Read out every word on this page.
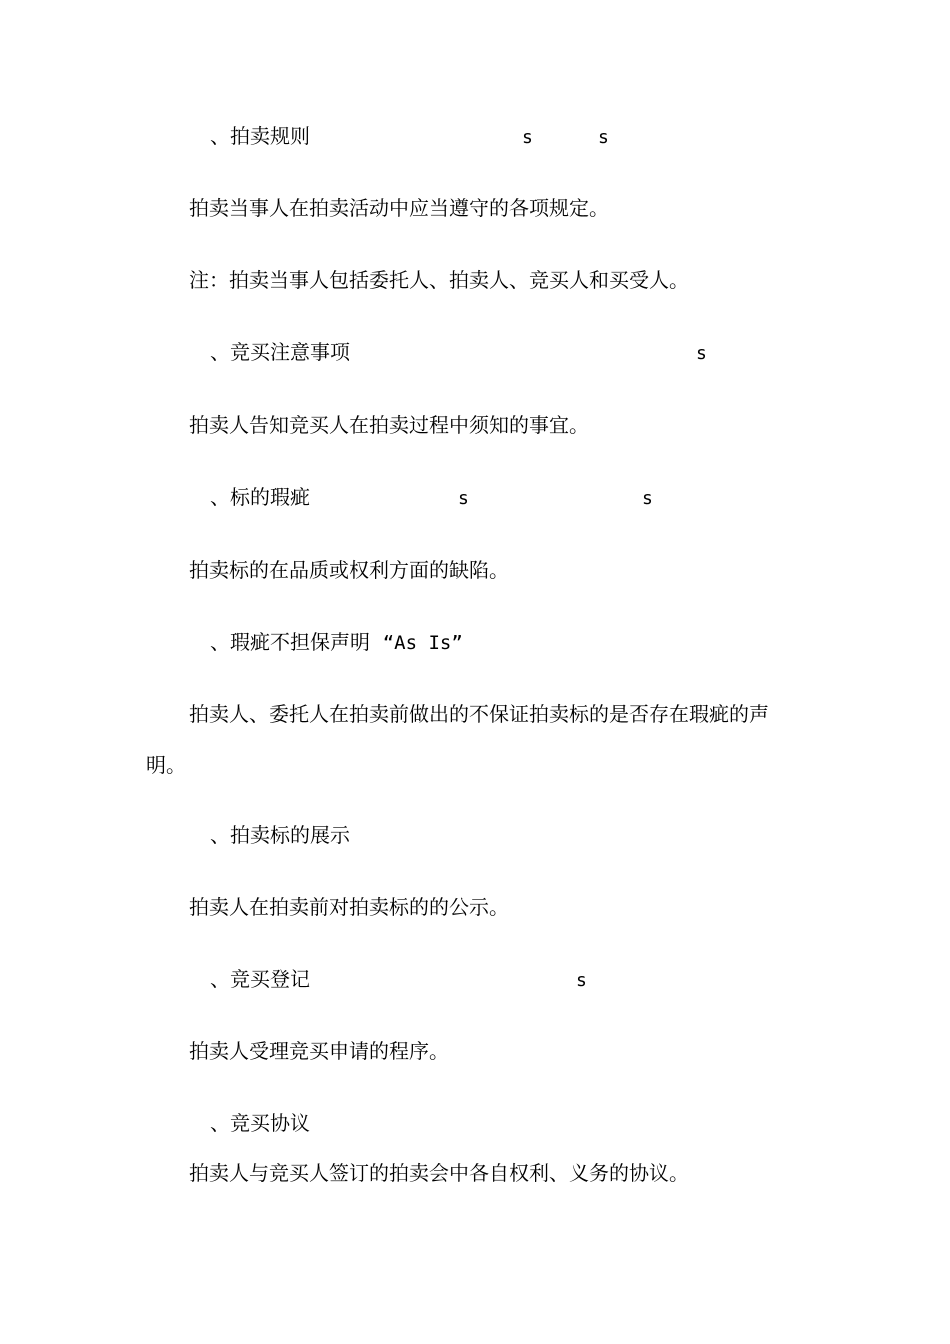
、拍卖规则	s	s

拍卖当事人在拍卖活动中应当遵守的各项规定。

注：拍卖当事人包括委托人、拍卖人、竞买人和买受人。

、竞买注意事项	s

拍卖人告知竞买人在拍卖过程中须知的事宜。

、标的瑕疵	s	s

拍卖标的在品质或权利方面的缺陷。

、瑕疵不担保声明 “As Is”

拍卖人、委托人在拍卖前做出的不保证拍卖标的是否存在瑕疵的声

明。

、拍卖标的展示

拍卖人在拍卖前对拍卖标的的公示。

、竞买登记	s

拍卖人受理竞买申请的程序。

、竞买协议

拍卖人与竞买人签订的拍卖会中各自权利、义务的协议。
